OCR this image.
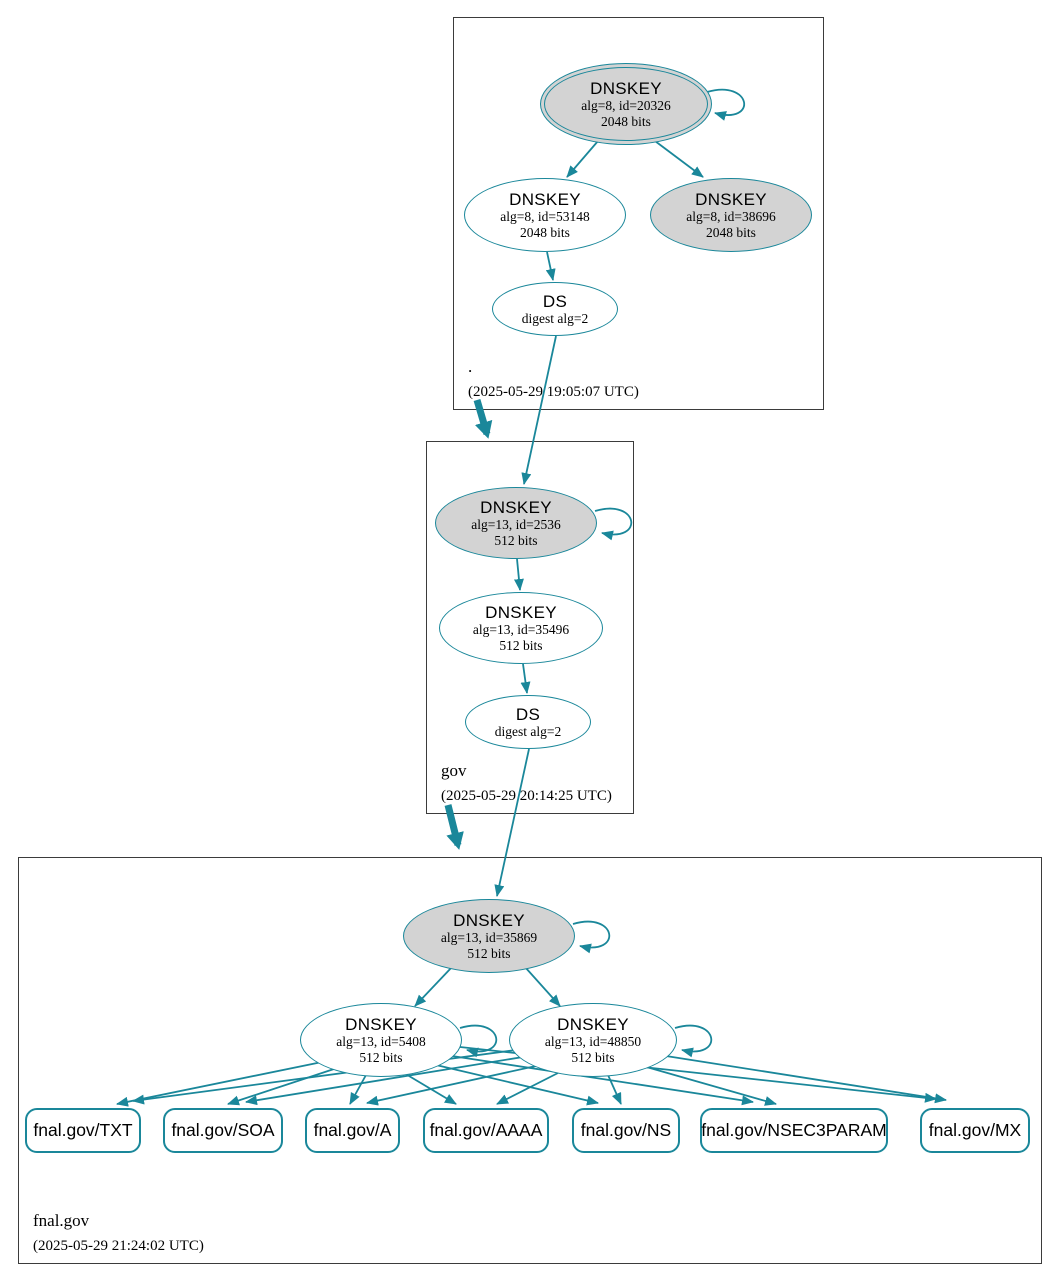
.
(2025-05-29 19:05:07 UTC)
gov
(2025-05-29 20:14:25 UTC)
fnal.gov
(2025-05-29 21:24:02 UTC)
DNSKEY
alg=8, id=20326
2048 bits
DNSKEY
alg=8, id=53148
2048 bits
DNSKEY
alg=8, id=38696
2048 bits
DS
digest alg=2
DNSKEY
alg=13, id=2536
512 bits
DNSKEY
alg=13, id=35496
512 bits
DS
digest alg=2
DNSKEY
alg=13, id=35869
512 bits
DNSKEY
alg=13, id=5408
512 bits
DNSKEY
alg=13, id=48850
512 bits
fnal.gov/TXT fnal.gov/SOA fnal.gov/A fnal.gov/AAAA fnal.gov/NS fnal.gov/NSEC3PARAM fnal.gov/MX
